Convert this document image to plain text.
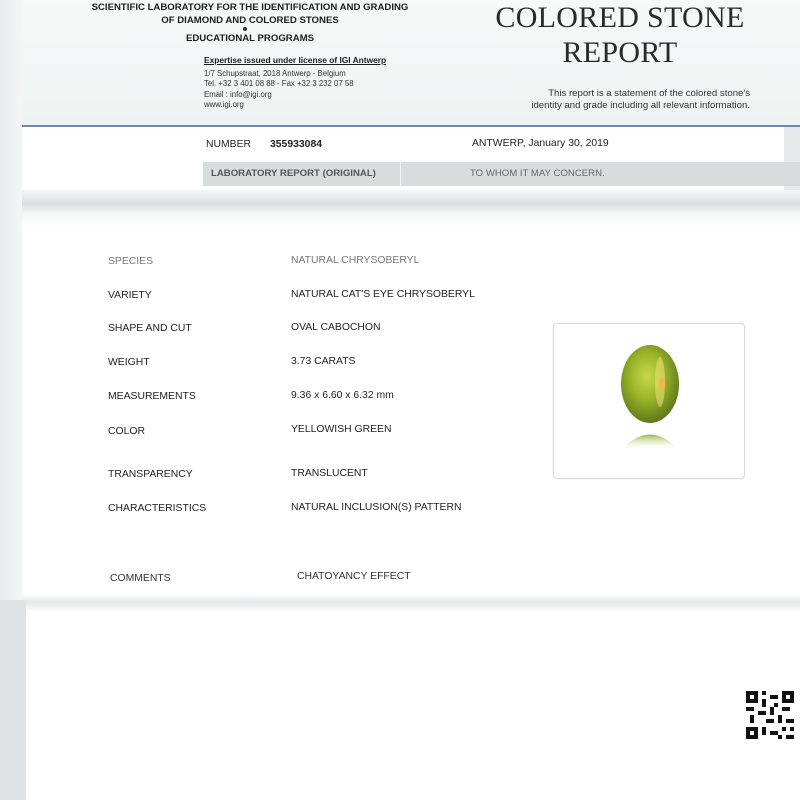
SCIENTIFIC LABORATORY FOR THE IDENTIFICATION AND GRADING
OF DIAMOND AND COLORED STONES
EDUCATIONAL PROGRAMS
Expertise issued under license of IGI Antwerp
1/7 Schupstraat, 2018 Antwerp - Belgium
Tel. +32 3 401 08 88 - Fax +32 3 232 07 58
Email : info@igi.org
www.igi.org
COLORED STONE
REPORT
This report is a statement of the colored stone's
identity and grade including all relevant information.
NUMBER 355933084	ANTWERP, January 30, 2019
LABORATORY REPORT (ORIGINAL)	TO WHOM IT MAY CONCERN.
SPECIES	NATURAL CHRYSOBERYL
VARIETY	NATURAL CAT'S EYE CHRYSOBERYL
SHAPE AND CUT	OVAL CABOCHON
WEIGHT	3.73 CARATS
MEASUREMENTS	9.36 x 6.60 x 6.32 mm
COLOR	YELLOWISH GREEN
TRANSPARENCY	TRANSLUCENT
CHARACTERISTICS	NATURAL INCLUSION(S) PATTERN
COMMENTS	CHATOYANCY EFFECT
